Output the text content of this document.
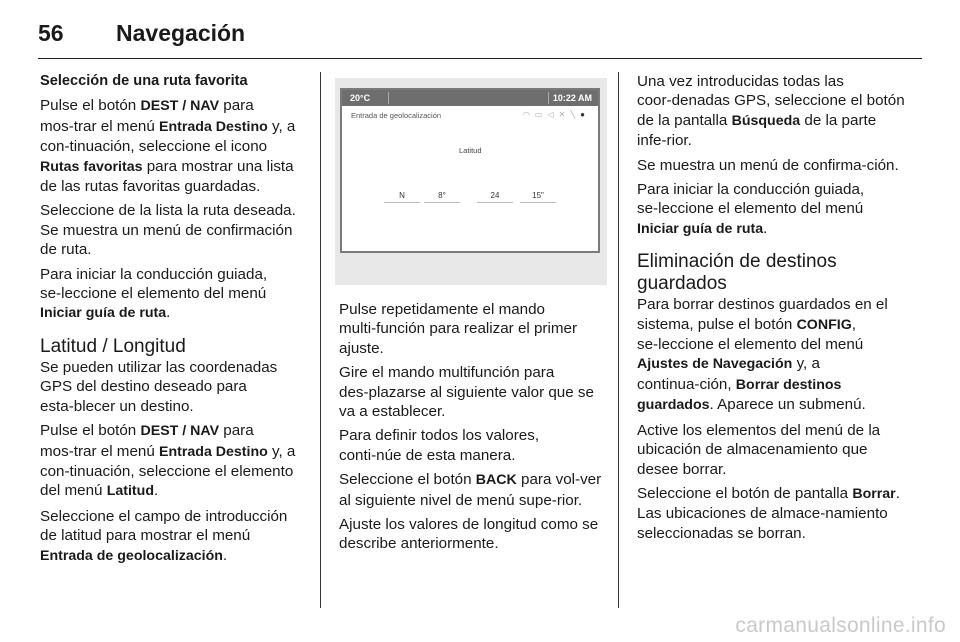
56 Navegación

Selección de una ruta favorita

Pulse el botón DEST / NAV para mos‑trar el menú Entrada Destino y, a con‑tinuación, seleccione el icono Rutas favoritas para mostrar una lista de las rutas favoritas guardadas.

Seleccione de la lista la ruta deseada. Se muestra un menú de confirmación de ruta.

Para iniciar la conducción guiada, se‑leccione el elemento del menú Iniciar guía de ruta.

Latitud / Longitud

Se pueden utilizar las coordenadas GPS del destino deseado para esta‑blecer un destino.

Pulse el botón DEST / NAV para mos‑trar el menú Entrada Destino y, a con‑tinuación, seleccione el elemento del menú Latitud.

Seleccione el campo de introducción de latitud para mostrar el menú Entrada de geolocalización.

20°C	10:22 AM
Entrada de geolocalización	◠▭◁✕╲●
Latitud
N	8°	24	15"

Pulse repetidamente el mando multi‑función para realizar el primer ajuste.

Gire el mando multifunción para des‑plazarse al siguiente valor que se va a establecer.

Para definir todos los valores, conti‑núe de esta manera.

Seleccione el botón BACK para vol‑ver al siguiente nivel de menú supe‑rior.

Ajuste los valores de longitud como se describe anteriormente.

Una vez introducidas todas las coor‑denadas GPS, seleccione el botón de la pantalla Búsqueda de la parte infe‑rior.

Se muestra un menú de confirma‑ción.

Para iniciar la conducción guiada, se‑leccione el elemento del menú Iniciar guía de ruta.

Eliminación de destinos guardados

Para borrar destinos guardados en el sistema, pulse el botón CONFIG, se‑leccione el elemento del menú Ajustes de Navegación y, a continua‑ción, Borrar destinos guardados. Aparece un submenú.

Active los elementos del menú de la ubicación de almacenamiento que desee borrar.

Seleccione el botón de pantalla Borrar. Las ubicaciones de almace‑namiento seleccionadas se borran.

carmanualsonline.info
